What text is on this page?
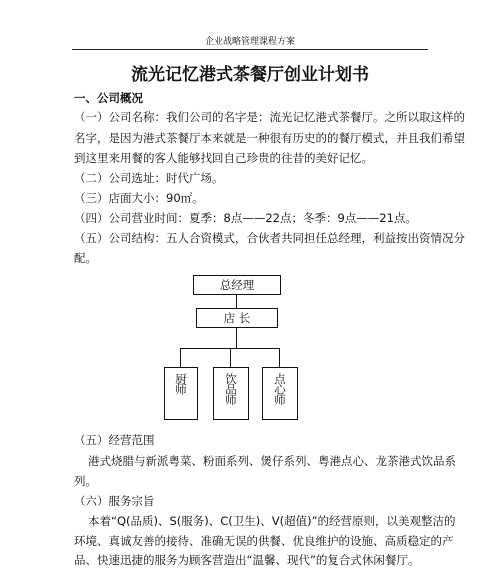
企业战略管理课程方案
流光记忆港式茶餐厅创业计划书
一、公司概况
（一）公司名称：我们公司的名字是：流光记忆港式茶餐厅。之所以取这样的
名字，是因为港式茶餐厅本来就是一种很有历史的的餐厅模式，并且我们希望
到这里来用餐的客人能够找回自己珍贵的往昔的美好记忆。
（二）公司选址：时代广场。
（三）店面大小：90㎡。
（四）公司营业时间：夏季：8点——22点；冬季：9点——21点。
（五）公司结构：五人合资模式，合伙者共同担任总经理，利益按出资情况分
配。
总经理
店 长
厨师	饮品师	点心师
（五）经营范围
港式烧腊与新派粤菜、粉面系列、煲仔系列、粤港点心、龙茶港式饮品系
列。
（六）服务宗旨
本着“Q(品质)、S(服务)、C(卫生)、V(超值)”的经营原则，以美观整洁的
环境、真诚友善的接待、准确无误的供餐、优良维护的设施、高质稳定的产
品、快速迅捷的服务为顾客营造出“温馨、现代”的复合式休闲餐厅。
